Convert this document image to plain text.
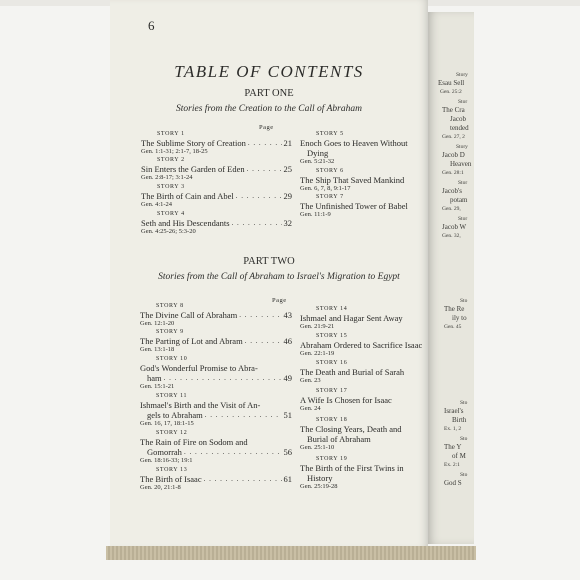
6
TABLE OF CONTENTS
PART ONE
Stories from the Creation to the Call of Abraham
Page
STORY 1
The Sublime Story of Creation . . .	21
Gen. 1:1-31; 2:1-7, 18-25
STORY 2
Sin Enters the Garden of Eden . . .	25
Gen. 2:8-17; 3:1-24
STORY 3
The Birth of Cain and Abel . . .	29
Gen. 4:1-24
STORY 4
Seth and His Descendants . . .	32
Gen. 4:25-26; 5:3-20
STORY 5
Enoch Goes to Heaven Without
Dying
Gen. 5:21-32
STORY 6
The Ship That Saved Mankind
Gen. 6, 7, 8, 9:1-17
STORY 7
The Unfinished Tower of Babel
Gen. 11:1-9
PART TWO
Stories from the Call of Abraham to Israel's Migration to Egypt
Page
STORY 8
The Divine Call of Abraham . . .	43
Gen. 12:1-20
STORY 9
The Parting of Lot and Abram . . .	46
Gen. 13:1-18
STORY 10
God's Wonderful Promise to Abra-
ham . . .	49
Gen. 15:1-21
STORY 11
Ishmael's Birth and the Visit of An-
gels to Abraham . . .	51
Gen. 16, 17, 18:1-15
STORY 12
The Rain of Fire on Sodom and
Gomorrah . . .	56
Gen. 18:16-33; 19:1
STORY 13
The Birth of Isaac . . .	61
Gen. 20, 21:1-8
STORY 14
Ishmael and Hagar Sent Away
Gen. 21:9-21
STORY 15
Abraham Ordered to Sacrifice Isaac
Gen. 22:1-19
STORY 16
The Death and Burial of Sarah
Gen. 23
STORY 17
A Wife Is Chosen for Isaac
Gen. 24
STORY 18
The Closing Years, Death and
Burial of Abraham
Gen. 25:1-10
STORY 19
The Birth of the First Twins in
History
Gen. 25:19-28
Story
Esau Sell
Gen. 25:2
Stor
The Cra
Jacob
tended
Gen. 27, 2
Story
Jacob D
Heaven
Gen. 28:1
Stor
Jacob's
potam
Gen. 29,
Stor
Jacob W
Gen. 32,
Sto
The Re
ily to
Gen. 45
Sto
Israel's
Birth
Ex. 1, 2
Sto
The Y
of M
Ex. 2:1
Sto
God S
